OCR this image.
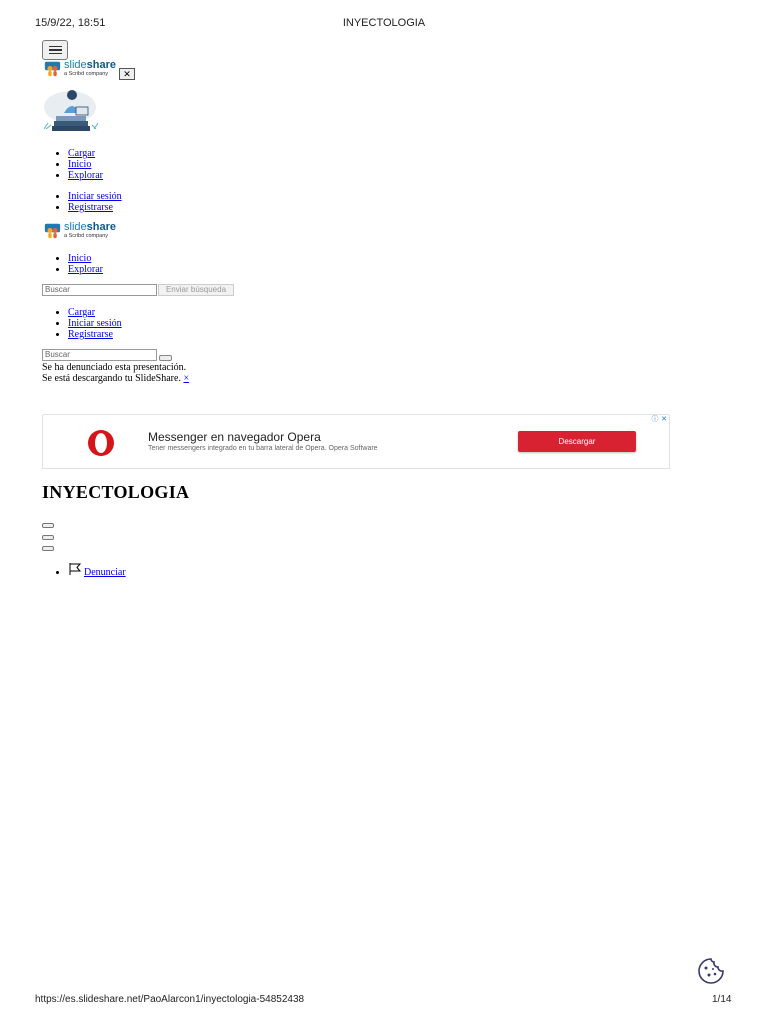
15/9/22, 18:51	INYECTOLOGIA
slideshare
a Scribd company	✕
• Cargar
• Inicio
• Explorar
• Iniciar sesión
• Registrarse
slideshare
a Scribd company
• Inicio
• Explorar
Buscar	Enviar búsqueda
• Cargar
• Iniciar sesión
• Registrarse
Buscar
Se ha denunciado esta presentación.
Se está descargando tu SlideShare. ×
Messenger en navegador Opera
Tener messengers integrado en tu barra lateral de Opera. Opera Software
Descargar
ⓘ ✕
INYECTOLOGIA
• Denunciar
https://es.slideshare.net/PaoAlarcon1/inyectologia-54852438	1/14
